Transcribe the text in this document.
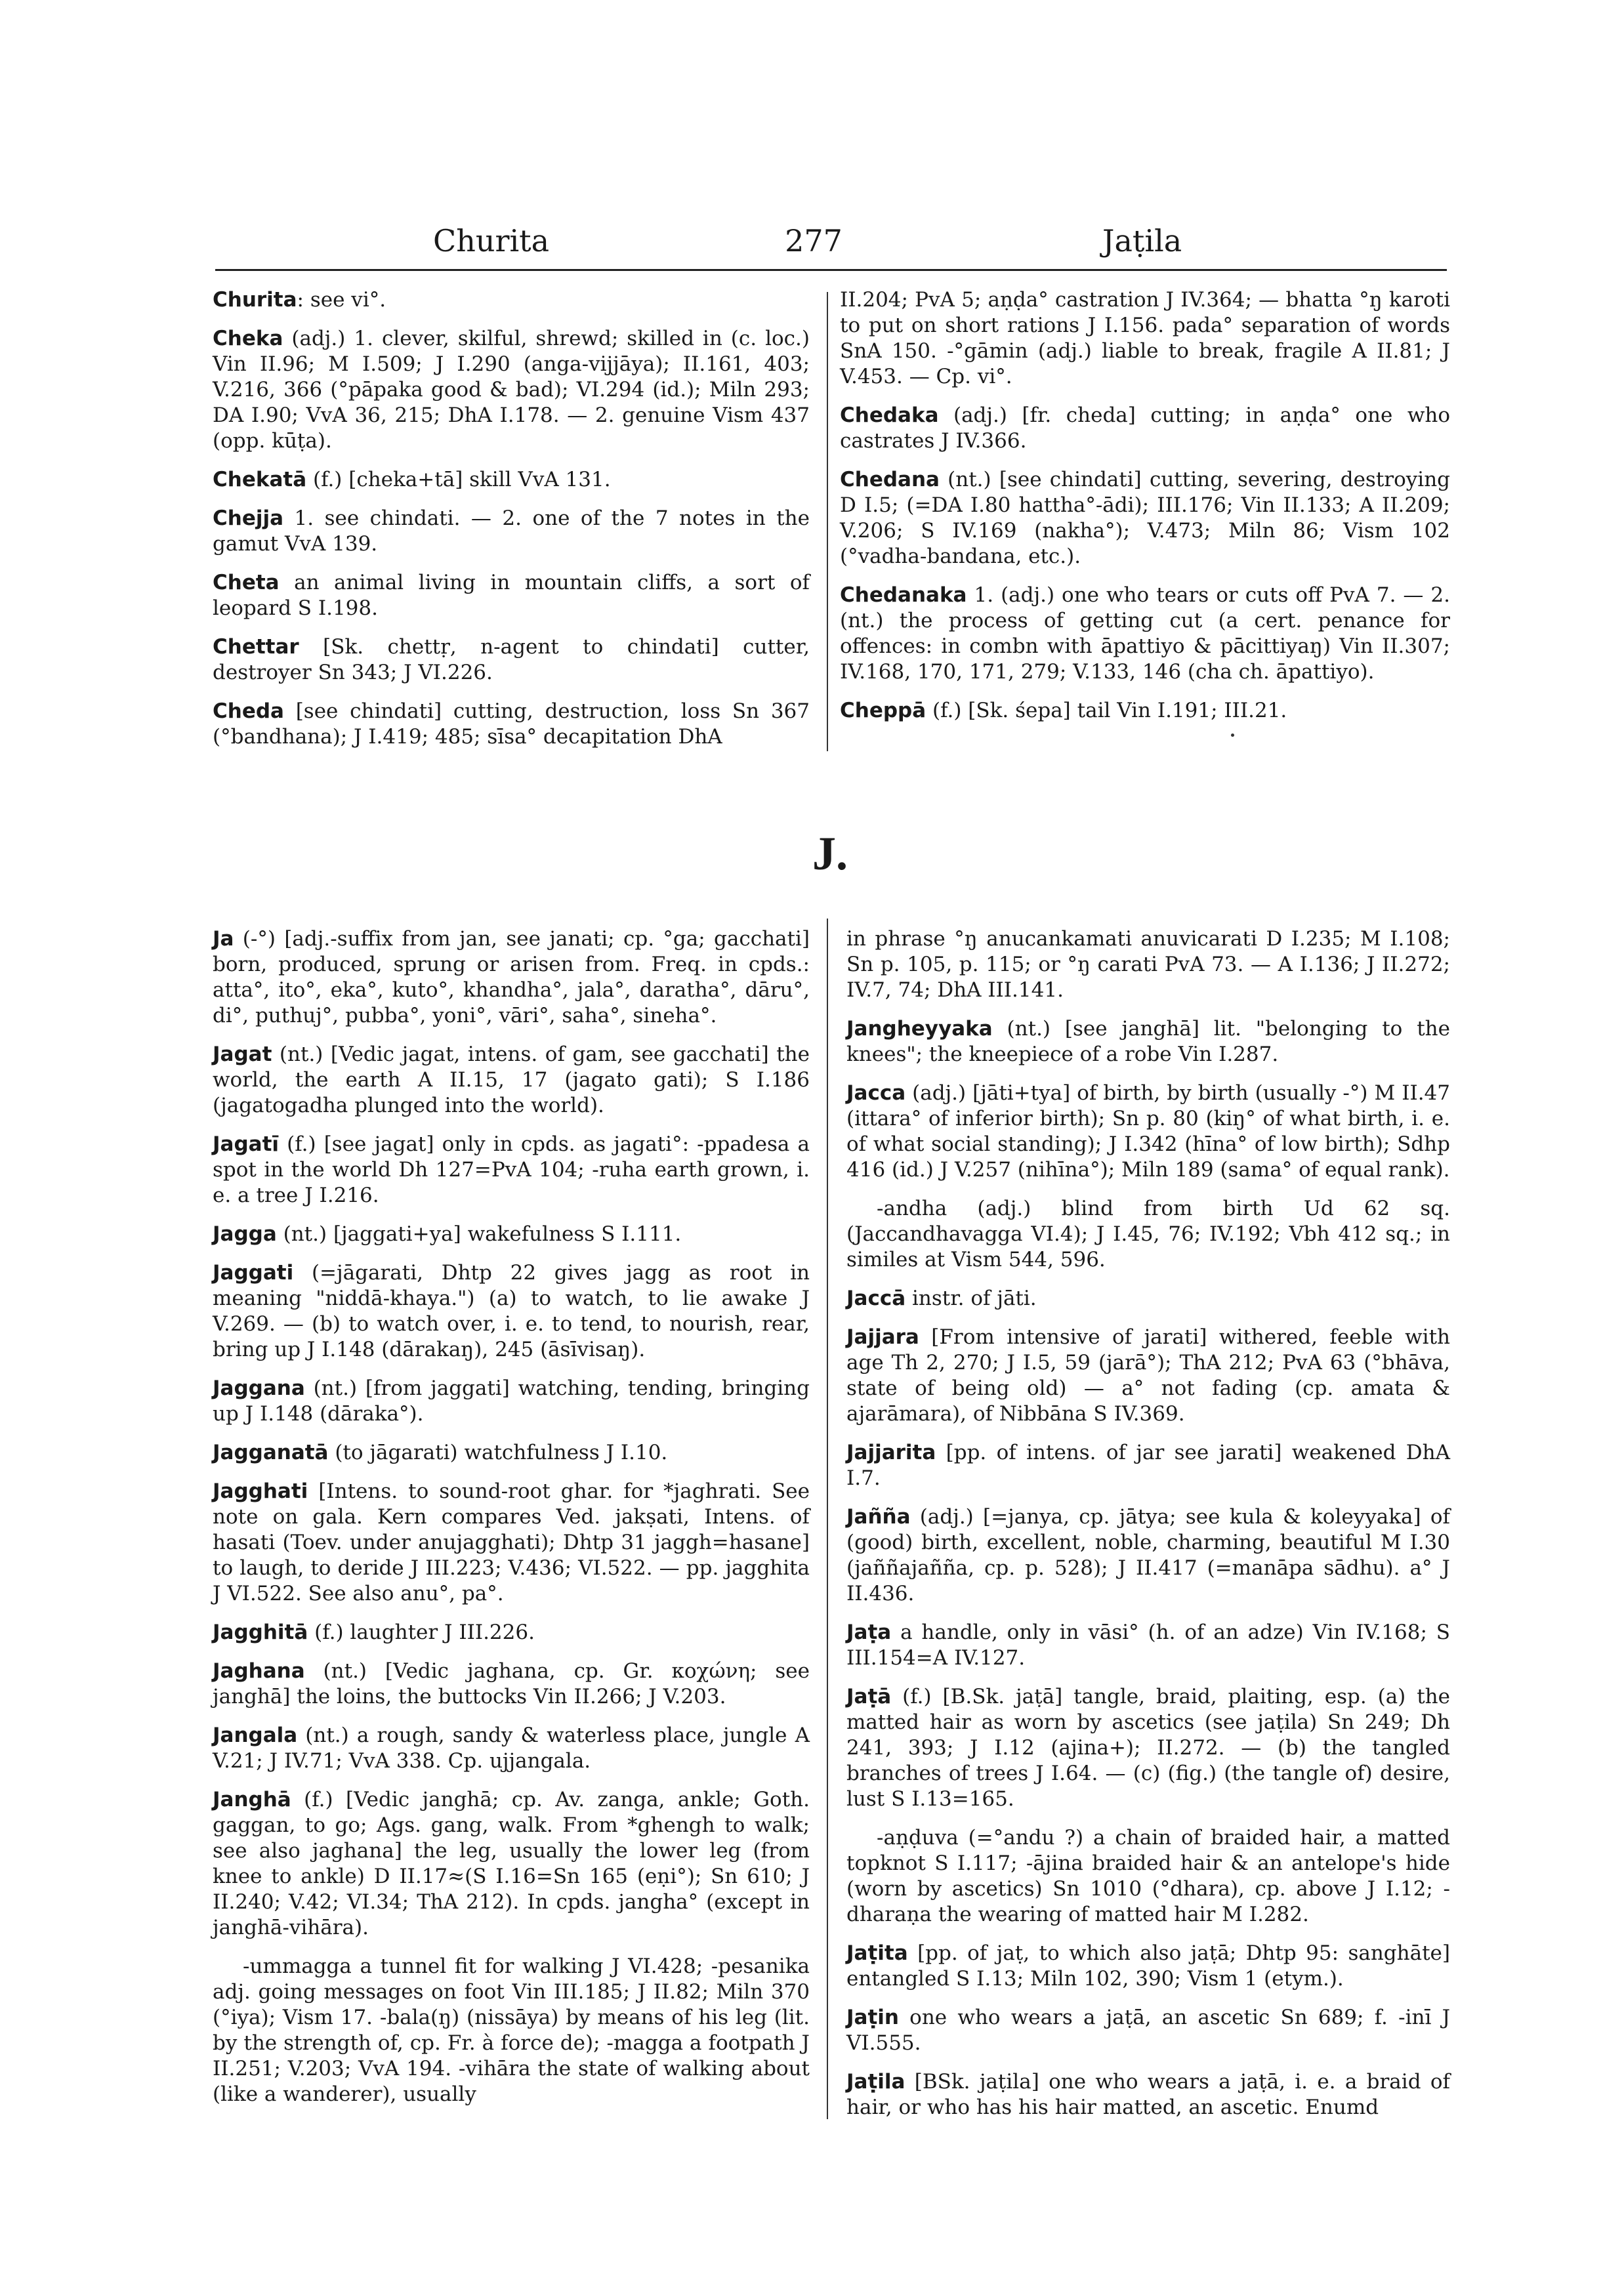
Churita	277	Jaṭila

Churita: see vi°.

Cheka (adj.) 1. clever, skilful, shrewd; skilled in (c. loc.) Vin II.96; M I.509; J I.290 (anga-vijjāya); II.161, 403; V.216, 366 (°pāpaka good & bad); VI.294 (id.); Miln 293; DA I.90; VvA 36, 215; DhA I.178. — 2. genuine Vism 437 (opp. kūṭa).

Chekatā (f.) [cheka+tā] skill VvA 131.

Chejja 1. see chindati. — 2. one of the 7 notes in the gamut VvA 139.

Cheta an animal living in mountain cliffs, a sort of leopard S I.198.

Chettar [Sk. chettṛ, n-agent to chindati] cutter, destroyer Sn 343; J VI.226.

Cheda [see chindati] cutting, destruction, loss Sn 367 (°bandhana); J I.419; 485; sīsa° decapitation DhA

II.204; PvA 5; aṇḍa° castration J IV.364; — bhatta °ŋ karoti to put on short rations J I.156. pada° separation of words SnA 150. -°gāmin (adj.) liable to break, fragile A II.81; J V.453. — Cp. vi°.

Chedaka (adj.) [fr. cheda] cutting; in aṇḍa° one who castrates J IV.366.

Chedana (nt.) [see chindati] cutting, severing, destroying D I.5; (=DA I.80 hattha°-ādi); III.176; Vin II.133; A II.209; V.206; S IV.169 (nakha°); V.473; Miln 86; Vism 102 (°vadha-bandana, etc.).

Chedanaka 1. (adj.) one who tears or cuts off PvA 7. — 2. (nt.) the process of getting cut (a cert. penance for offences: in combn with āpattiyo & pācittiyaŋ) Vin II.307; IV.168, 170, 171, 279; V.133, 146 (cha ch. āpattiyo).

Cheppā (f.) [Sk. śepa] tail Vin I.191; III.21.

J.

Ja (-°) [adj.-suffix from jan, see janati; cp. °ga; gacchati] born, produced, sprung or arisen from. Freq. in cpds.: atta°, ito°, eka°, kuto°, khandha°, jala°, daratha°, dāru°, di°, puthuj°, pubba°, yoni°, vāri°, saha°, sineha°.

Jagat (nt.) [Vedic jagat, intens. of gam, see gacchati] the world, the earth A II.15, 17 (jagato gati); S I.186 (jagatogadha plunged into the world).

Jagatī (f.) [see jagat] only in cpds. as jagati°: -ppadesa a spot in the world Dh 127=PvA 104; -ruha earth grown, i. e. a tree J I.216.

Jagga (nt.) [jaggati+ya] wakefulness S I.111.

Jaggati (=jāgarati, Dhtp 22 gives jagg as root in meaning "niddā-khaya.") (a) to watch, to lie awake J V.269. — (b) to watch over, i. e. to tend, to nourish, rear, bring up J I.148 (dārakaŋ), 245 (āsīvisaŋ).

Jaggana (nt.) [from jaggati] watching, tending, bringing up J I.148 (dāraka°).

Jagganatā (to jāgarati) watchfulness J I.10.

Jagghati [Intens. to sound-root ghar. for *jaghrati. See note on gala. Kern compares Ved. jakṣati, Intens. of hasati (Toev. under anujagghati); Dhtp 31 jaggh=hasane] to laugh, to deride J III.223; V.436; VI.522. — pp. jagghita J VI.522. See also anu°, pa°.

Jagghitā (f.) laughter J III.226.

Jaghana (nt.) [Vedic jaghana, cp. Gr. κοχώνη; see janghā] the loins, the buttocks Vin II.266; J V.203.

Jangala (nt.) a rough, sandy & waterless place, jungle A V.21; J IV.71; VvA 338. Cp. ujjangala.

Janghā (f.) [Vedic janghā; cp. Av. zanga, ankle; Goth. gaggan, to go; Ags. gang, walk. From *ghengh to walk; see also jaghana] the leg, usually the lower leg (from knee to ankle) D II.17≈(S I.16=Sn 165 (eṇi°); Sn 610; J II.240; V.42; VI.34; ThA 212). In cpds. jangha° (except in janghā-vihāra).

-ummagga a tunnel fit for walking J VI.428; -pesanika adj. going messages on foot Vin III.185; J II.82; Miln 370 (°iya); Vism 17. -bala(ŋ) (nissāya) by means of his leg (lit. by the strength of, cp. Fr. à force de); -magga a footpath J II.251; V.203; VvA 194. -vihāra the state of walking about (like a wanderer), usually

in phrase °ŋ anucankamati anuvicarati D I.235; M I.108; Sn p. 105, p. 115; or °ŋ carati PvA 73. — A I.136; J II.272; IV.7, 74; DhA III.141.

Jangheyyaka (nt.) [see janghā] lit. "belonging to the knees"; the kneepiece of a robe Vin I.287.

Jacca (adj.) [jāti+tya] of birth, by birth (usually -°) M II.47 (ittara° of inferior birth); Sn p. 80 (kiŋ° of what birth, i. e. of what social standing); J I.342 (hīna° of low birth); Sdhp 416 (id.) J V.257 (nihīna°); Miln 189 (sama° of equal rank).

-andha (adj.) blind from birth Ud 62 sq. (Jaccandhavagga VI.4); J I.45, 76; IV.192; Vbh 412 sq.; in similes at Vism 544, 596.

Jaccā instr. of jāti.

Jajjara [From intensive of jarati] withered, feeble with age Th 2, 270; J I.5, 59 (jarā°); ThA 212; PvA 63 (°bhāva, state of being old) — a° not fading (cp. amata & ajarāmara), of Nibbāna S IV.369.

Jajjarita [pp. of intens. of jar see jarati] weakened DhA I.7.

Jañña (adj.) [=janya, cp. jātya; see kula & koleyyaka] of (good) birth, excellent, noble, charming, beautiful M I.30 (jaññajañña, cp. p. 528); J II.417 (=manāpa sādhu). a° J II.436.

Jaṭa a handle, only in vāsi° (h. of an adze) Vin IV.168; S III.154=A IV.127.

Jaṭā (f.) [B.Sk. jaṭā] tangle, braid, plaiting, esp. (a) the matted hair as worn by ascetics (see jaṭila) Sn 249; Dh 241, 393; J I.12 (ajina+); II.272. — (b) the tangled branches of trees J I.64. — (c) (fig.) (the tangle of) desire, lust S I.13=165.

-aṇḍuva (=°andu ?) a chain of braided hair, a matted topknot S I.117; -ājina braided hair & an antelope's hide (worn by ascetics) Sn 1010 (°dhara), cp. above J I.12; -dharaṇa the wearing of matted hair M I.282.

Jaṭita [pp. of jaṭ, to which also jaṭā; Dhtp 95: sanghāte] entangled S I.13; Miln 102, 390; Vism 1 (etym.).

Jaṭin one who wears a jaṭā, an ascetic Sn 689; f. -inī J VI.555.

Jaṭila [BSk. jaṭila] one who wears a jaṭā, i. e. a braid of hair, or who has his hair matted, an ascetic. Enumd
